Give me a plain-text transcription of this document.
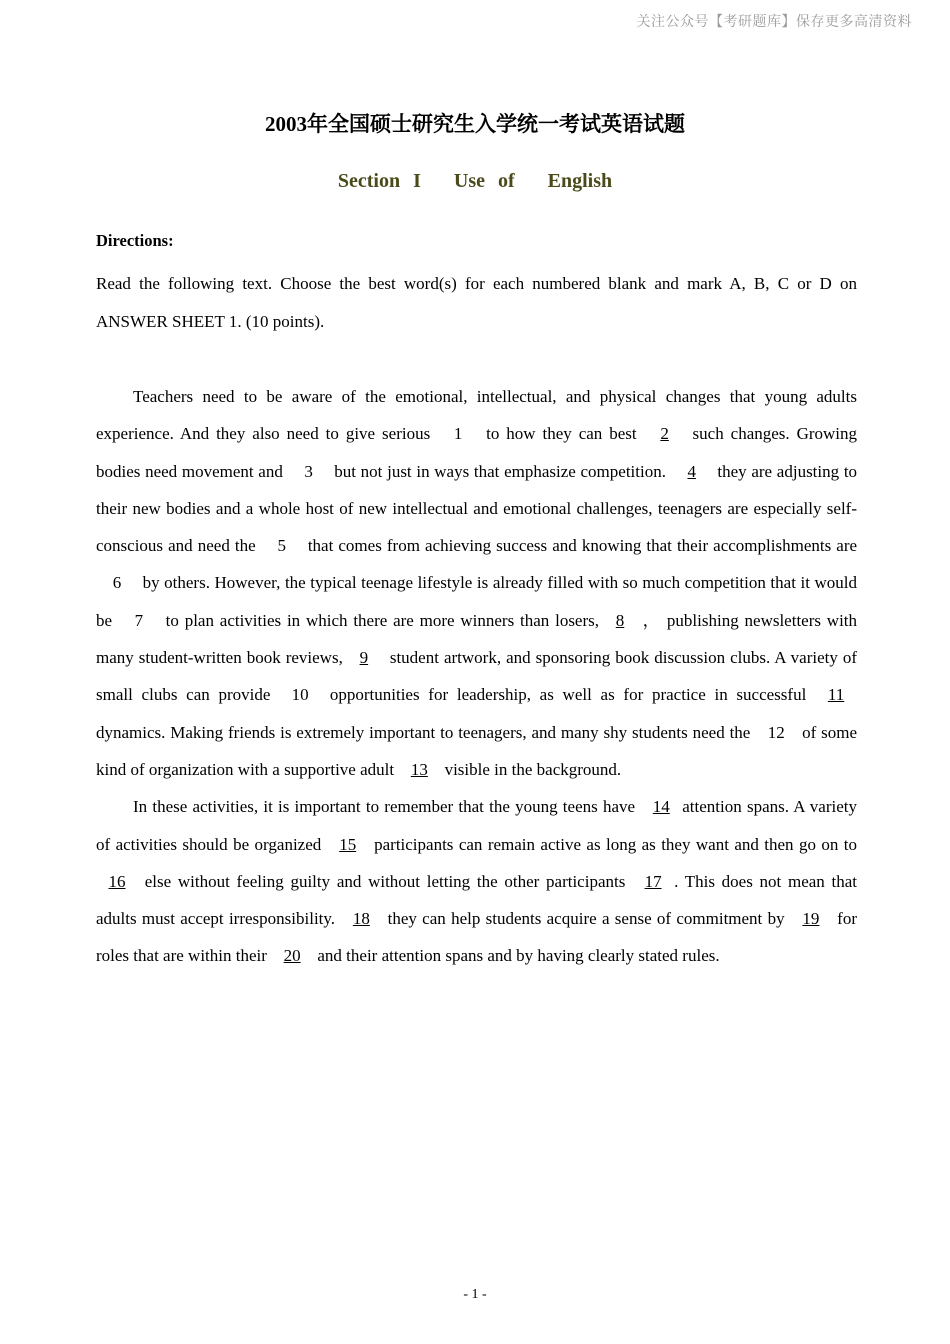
关注公众号【考研题库】保存更多高清资料
2003年全国硕士研究生入学统一考试英语试题
Section I Use of English
Directions:
Read the following text. Choose the best word(s) for each numbered blank and mark A, B, C or D on ANSWER SHEET 1. (10 points).

Teachers need to be aware of the emotional, intellectual, and physical changes that young adults experience. And they also need to give serious 1 to how they can best 2 such changes. Growing bodies need movement and 3 but not just in ways that emphasize competition. 4 they are adjusting to their new bodies and a whole host of new intellectual and emotional challenges, teenagers are especially self-conscious and need the 5 that comes from achieving success and knowing that their accomplishments are 6 by others. However, the typical teenage lifestyle is already filled with so much competition that it would be 7 to plan activities in which there are more winners than losers, 8 ， publishing newsletters with many student-written book reviews, 9 student artwork, and sponsoring book discussion clubs. A variety of small clubs can provide 10 opportunities for leadership, as well as for practice in successful 11 dynamics. Making friends is extremely important to teenagers, and many shy students need the 12 of some kind of organization with a supportive adult 13 visible in the background.

In these activities, it is important to remember that the young teens have 14 attention spans. A variety of activities should be organized 15 participants can remain active as long as they want and then go on to 16 else without feeling guilty and without letting the other participants 17 . This does not mean that adults must accept irresponsibility. 18 they can help students acquire a sense of commitment by 19 for roles that are within their 20 and their attention spans and by having clearly stated rules.

- 1 -
